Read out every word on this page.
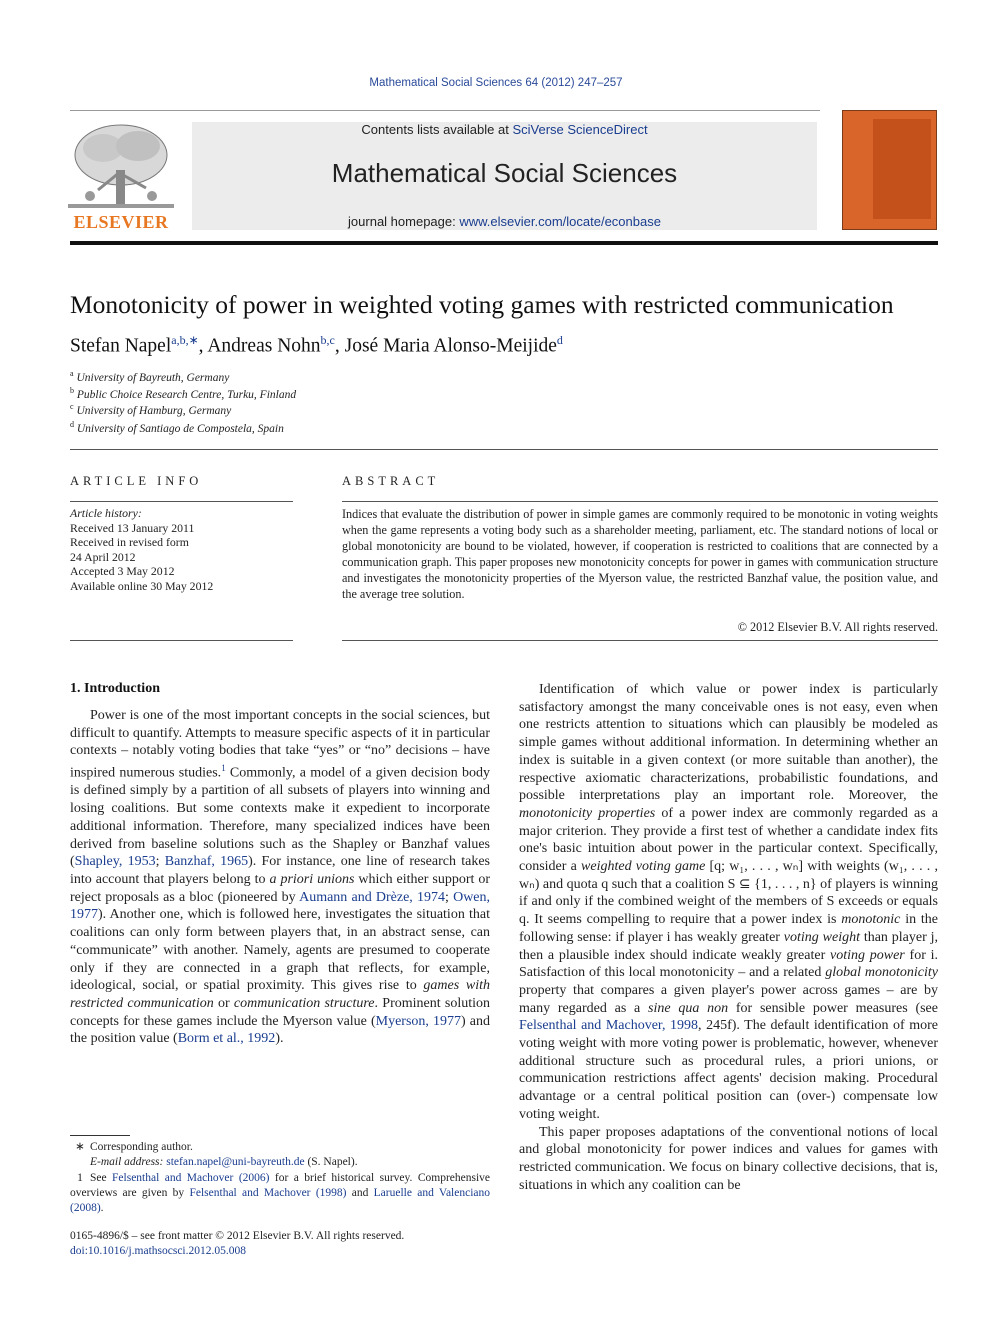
Mathematical Social Sciences 64 (2012) 247–257
ELSEVIER
Contents lists available at SciVerse ScienceDirect
Mathematical Social Sciences
journal homepage: www.elsevier.com/locate/econbase
Monotonicity of power in weighted voting games with restricted communication
Stefan Napel$^{a,b,∗}$, Andreas Nohn$^{b,c}$, José Maria Alonso-Meijide$^d$
$^a$ University of Bayreuth, Germany
$^b$ Public Choice Research Centre, Turku, Finland
$^c$ University of Hamburg, Germany
$^d$ University of Santiago de Compostela, Spain
ARTICLE INFO	ABSTRACT
Article history:
Received 13 January 2011
Received in revised form
24 April 2012
Accepted 3 May 2012
Available online 30 May 2012
Indices that evaluate the distribution of power in simple games are commonly required to be monotonic in voting weights when the game represents a voting body such as a shareholder meeting, parliament, etc. The standard notions of local or global monotonicity are bound to be violated, however, if cooperation is restricted to coalitions that are connected by a communication graph. This paper proposes new monotonicity concepts for power in games with communication structure and investigates the monotonicity properties of the Myerson value, the restricted Banzhaf value, the position value, and the average tree solution.
© 2012 Elsevier B.V. All rights reserved.
1. Introduction

Power is one of the most important concepts in the social sciences, but difficult to quantify. Attempts to measure specific aspects of it in particular contexts – notably voting bodies that take “yes” or “no” decisions – have inspired numerous studies.$^1$ Commonly, a model of a given decision body is defined simply by a partition of all subsets of players into winning and losing coalitions. But some contexts make it expedient to incorporate additional information. Therefore, many specialized indices have been derived from baseline solutions such as the Shapley or Banzhaf values (Shapley, 1953; Banzhaf, 1965). For instance, one line of research takes into account that players belong to a priori unions which either support or reject proposals as a bloc (pioneered by Aumann and Drèze, 1974; Owen, 1977). Another one, which is followed here, investigates the situation that coalitions can only form between players that, in an abstract sense, can “communicate” with another. Namely, agents are presumed to cooperate only if they are connected in a graph that reflects, for example, ideological, social, or spatial proximity. This gives rise to games with restricted communication or communication structure. Prominent solution concepts for these games include the Myerson value (Myerson, 1977) and the position value (Borm et al., 1992).

Identification of which value or power index is particularly satisfactory amongst the many conceivable ones is not easy, even when one restricts attention to situations which can plausibly be modeled as simple games without additional information. In determining whether an index is suitable in a given context (or more suitable than another), the respective axiomatic characterizations, probabilistic foundations, and possible interpretations play an important role. Moreover, the monotonicity properties of a power index are commonly regarded as a major criterion. They provide a first test of whether a candidate index fits one's basic intuition about power in the particular context. Specifically, consider a weighted voting game [q; w₁, . . . , wₙ] with weights (w₁, . . . , wₙ) and quota q such that a coalition S ⊆ {1, . . . , n} of players is winning if and only if the combined weight of the members of S exceeds or equals q. It seems compelling to require that a power index is monotonic in the following sense: if player i has weakly greater voting weight than player j, then a plausible index should indicate weakly greater voting power for i. Satisfaction of this local monotonicity – and a related global monotonicity property that compares a given player's power across games – are by many regarded as a sine qua non for sensible power measures (see Felsenthal and Machover, 1998, 245f). The default identification of more voting weight with more voting power is problematic, however, whenever additional structure such as procedural rules, a priori unions, or communication restrictions affect agents' decision making. Procedural advantage or a central political position can (over-) compensate low voting weight.

This paper proposes adaptations of the conventional notions of local and global monotonicity for power indices and values for games with restricted communication. We focus on binary collective decisions, that is, situations in which any coalition can be

∗ Corresponding author.
E-mail address: stefan.napel@uni-bayreuth.de (S. Napel).
1 See Felsenthal and Machover (2006) for a brief historical survey. Comprehensive overviews are given by Felsenthal and Machover (1998) and Laruelle and Valenciano (2008).
0165-4896/$ – see front matter © 2012 Elsevier B.V. All rights reserved.
doi:10.1016/j.mathsocsci.2012.05.008
